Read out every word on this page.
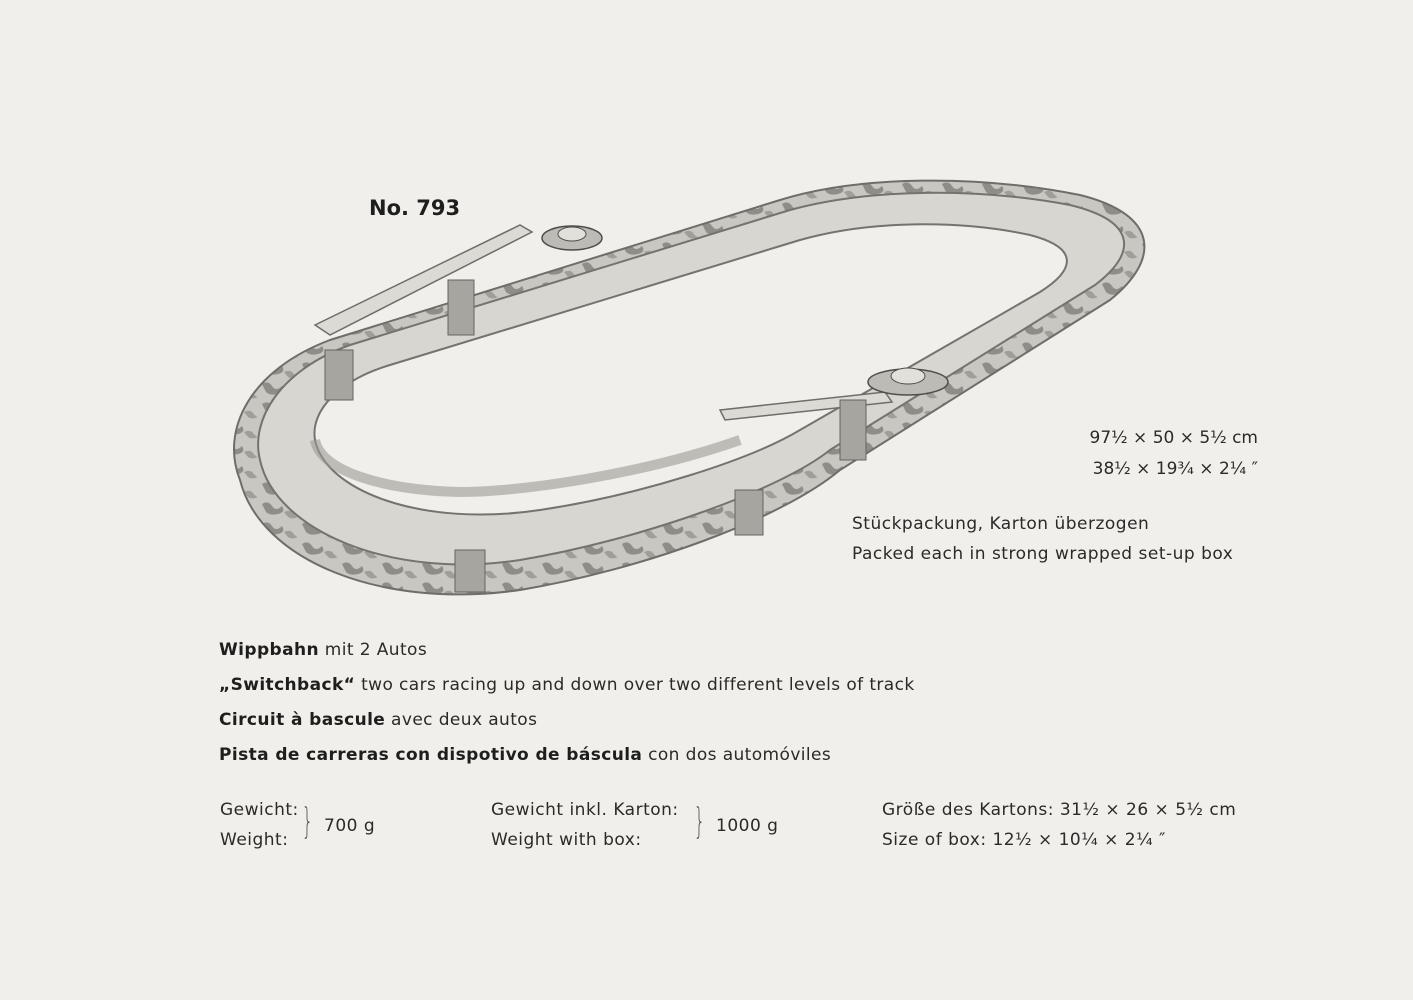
No. 793
97½ × 50 × 5½ cm
38½ × 19¾ × 2¼ ″
Stückpackung, Karton überzogen
Packed each in strong wrapped set-up box
Wippbahn mit 2 Autos
„Switchback“ two cars racing up and down over two different levels of track
Circuit à bascule avec deux autos
Pista de carreras con dispotivo de báscula con dos automóviles
Gewicht:
Weight: } 700 g
Gewicht inkl. Karton:
Weight with box: } 1000 g
Größe des Kartons: 31½ × 26 × 5½ cm
Size of box: 12½ × 10¼ × 2¼ ″
